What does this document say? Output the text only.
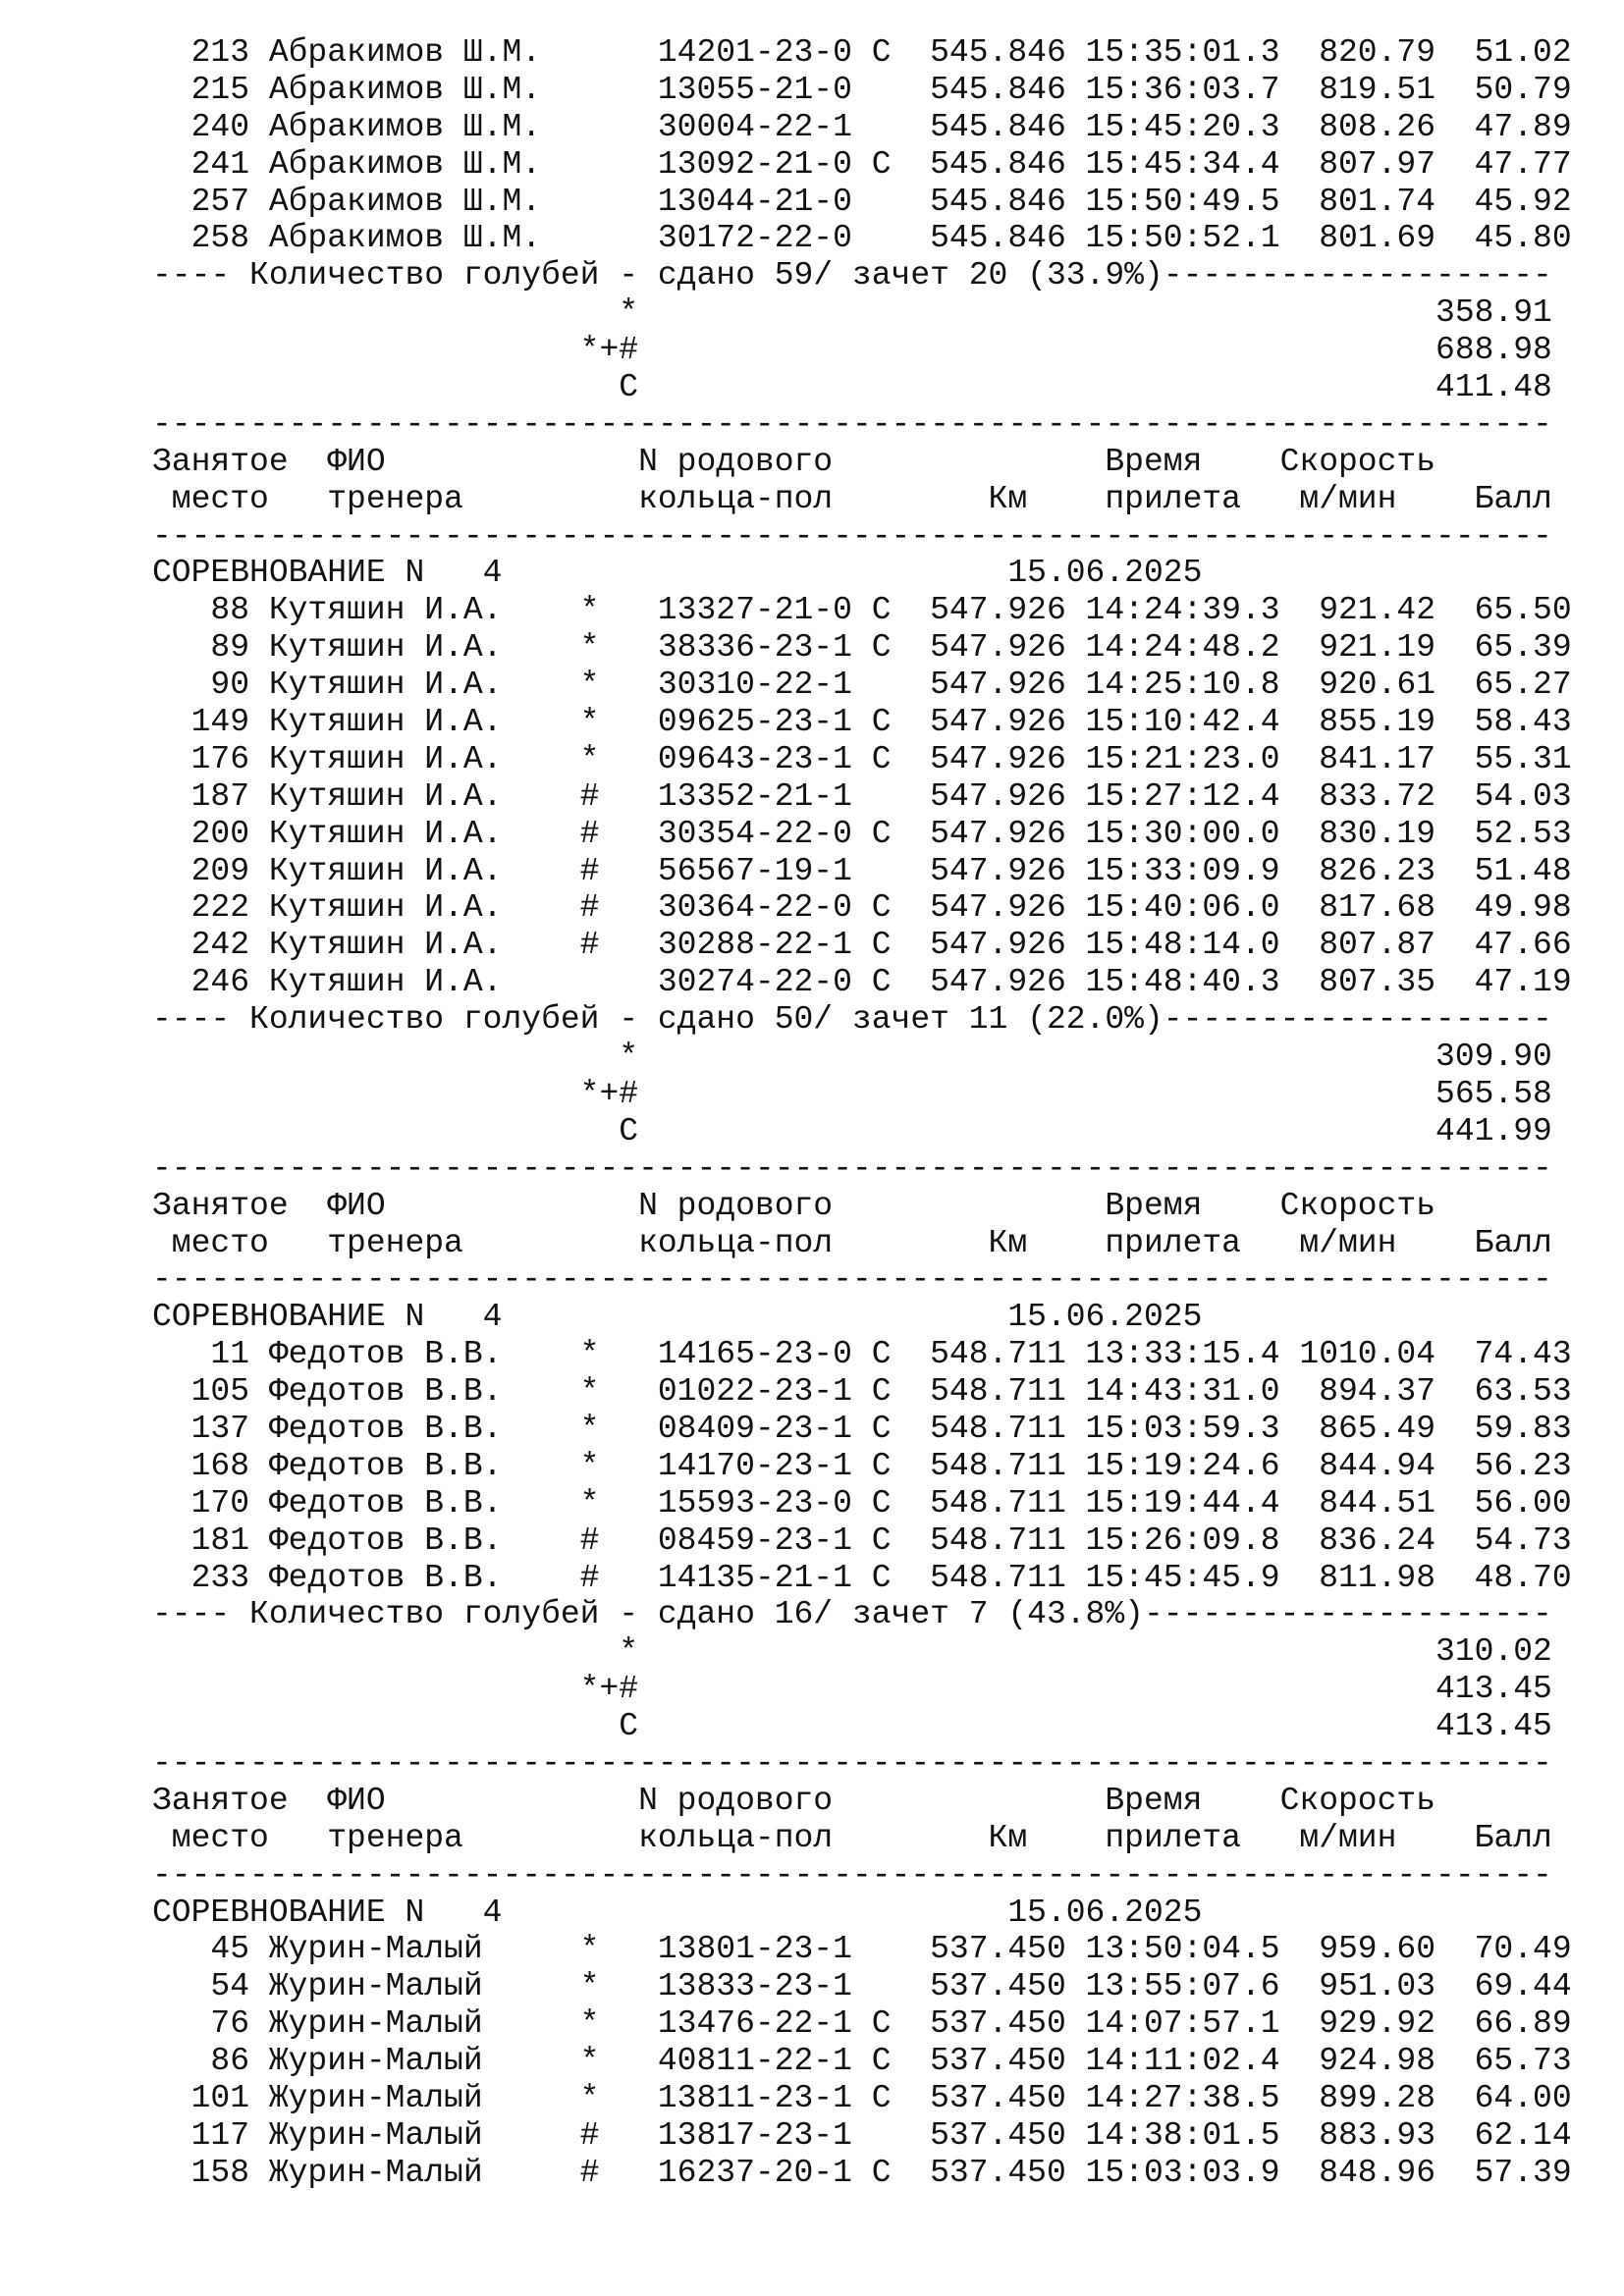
213 Абракимов Ш.М.      14201-23-0 С  545.846 15:35:01.3  820.79  51.02
215 Абракимов Ш.М.      13055-21-0    545.846 15:36:03.7  819.51  50.79
240 Абракимов Ш.М.      30004-22-1    545.846 15:45:20.3  808.26  47.89
241 Абракимов Ш.М.      13092-21-0 С  545.846 15:45:34.4  807.97  47.77
257 Абракимов Ш.М.      13044-21-0    545.846 15:50:49.5  801.74  45.92
258 Абракимов Ш.М.      30172-22-0    545.846 15:50:52.1  801.69  45.80
---- Количество голубей - сдано 59/ зачет 20 (33.9%)--------------------
*                                         358.91
*+#                                         688.98
С                                         411.48
------------------------------------------------------------------------
Занятое  ФИО             N родового              Время    Скорость
место   тренера         кольца-пол        Км    прилета   м/мин    Балл
------------------------------------------------------------------------
СОРЕВНОВАНИЕ N   4                          15.06.2025
88 Кутяшин И.А.    *   13327-21-0 С  547.926 14:24:39.3  921.42  65.50
89 Кутяшин И.А.    *   38336-23-1 С  547.926 14:24:48.2  921.19  65.39
90 Кутяшин И.А.    *   30310-22-1    547.926 14:25:10.8  920.61  65.27
149 Кутяшин И.А.    *   09625-23-1 С  547.926 15:10:42.4  855.19  58.43
176 Кутяшин И.А.    *   09643-23-1 С  547.926 15:21:23.0  841.17  55.31
187 Кутяшин И.А.    #   13352-21-1    547.926 15:27:12.4  833.72  54.03
200 Кутяшин И.А.    #   30354-22-0 С  547.926 15:30:00.0  830.19  52.53
209 Кутяшин И.А.    #   56567-19-1    547.926 15:33:09.9  826.23  51.48
222 Кутяшин И.А.    #   30364-22-0 С  547.926 15:40:06.0  817.68  49.98
242 Кутяшин И.А.    #   30288-22-1 С  547.926 15:48:14.0  807.87  47.66
246 Кутяшин И.А.        30274-22-0 С  547.926 15:48:40.3  807.35  47.19
---- Количество голубей - сдано 50/ зачет 11 (22.0%)--------------------
*                                         309.90
*+#                                         565.58
С                                         441.99
------------------------------------------------------------------------
Занятое  ФИО             N родового              Время    Скорость
место   тренера         кольца-пол        Км    прилета   м/мин    Балл
------------------------------------------------------------------------
СОРЕВНОВАНИЕ N   4                          15.06.2025
11 Федотов В.В.    *   14165-23-0 С  548.711 13:33:15.4 1010.04  74.43
105 Федотов В.В.    *   01022-23-1 С  548.711 14:43:31.0  894.37  63.53
137 Федотов В.В.    *   08409-23-1 С  548.711 15:03:59.3  865.49  59.83
168 Федотов В.В.    *   14170-23-1 С  548.711 15:19:24.6  844.94  56.23
170 Федотов В.В.    *   15593-23-0 С  548.711 15:19:44.4  844.51  56.00
181 Федотов В.В.    #   08459-23-1 С  548.711 15:26:09.8  836.24  54.73
233 Федотов В.В.    #   14135-21-1 С  548.711 15:45:45.9  811.98  48.70
---- Количество голубей - сдано 16/ зачет 7 (43.8%)---------------------
*                                         310.02
*+#                                         413.45
С                                         413.45
------------------------------------------------------------------------
Занятое  ФИО             N родового              Время    Скорость
место   тренера         кольца-пол        Км    прилета   м/мин    Балл
------------------------------------------------------------------------
СОРЕВНОВАНИЕ N   4                          15.06.2025
45 Журин-Малый     *   13801-23-1    537.450 13:50:04.5  959.60  70.49
54 Журин-Малый     *   13833-23-1    537.450 13:55:07.6  951.03  69.44
76 Журин-Малый     *   13476-22-1 С  537.450 14:07:57.1  929.92  66.89
86 Журин-Малый     *   40811-22-1 С  537.450 14:11:02.4  924.98  65.73
101 Журин-Малый     *   13811-23-1 С  537.450 14:27:38.5  899.28  64.00
117 Журин-Малый     #   13817-23-1    537.450 14:38:01.5  883.93  62.14
158 Журин-Малый     #   16237-20-1 С  537.450 15:03:03.9  848.96  57.39
